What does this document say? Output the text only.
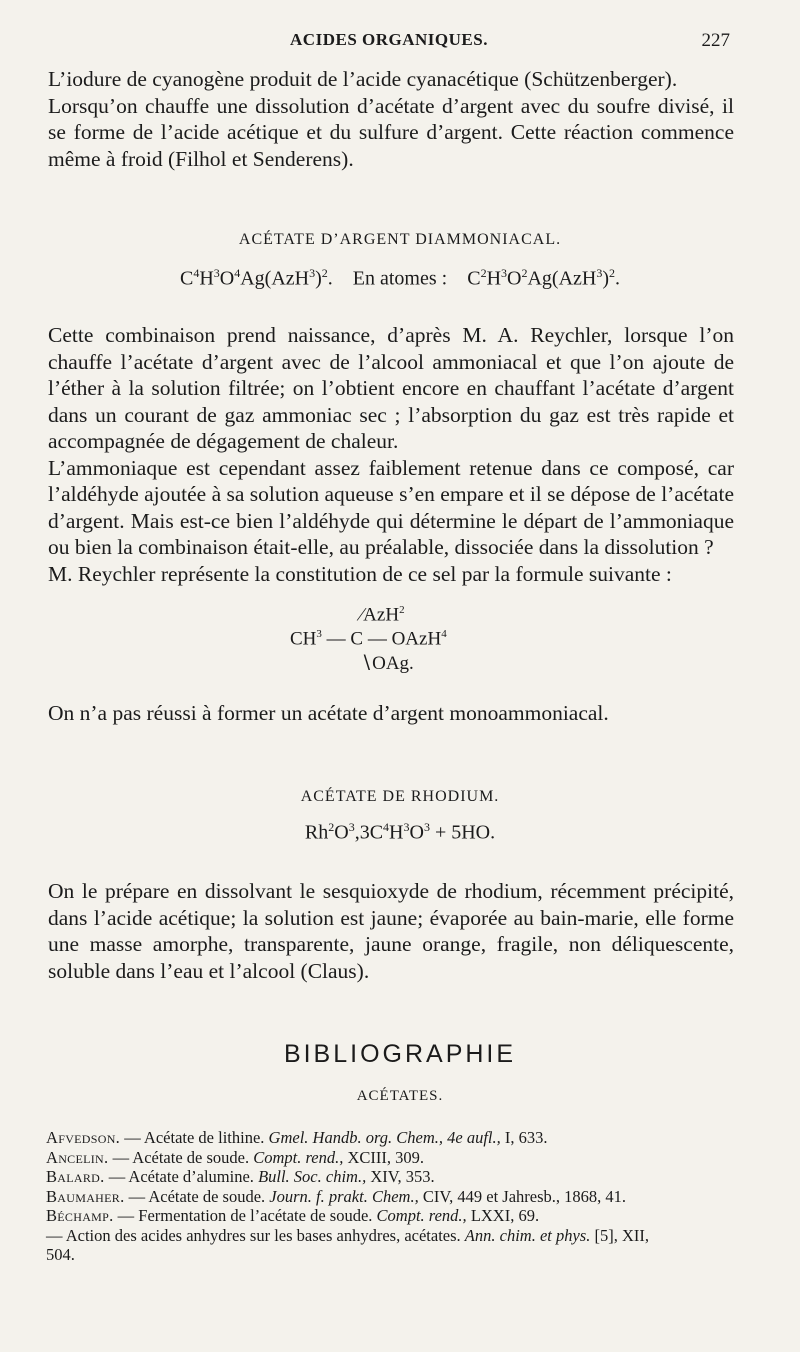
ACIDES ORGANIQUES.	227

L’iodure de cyanogène produit de l’acide cyanacétique (Schützenberger).

Lorsqu’on chauffe une dissolution d’acétate d’argent avec du soufre divisé, il se forme de l’acide acétique et du sulfure d’argent. Cette réaction commence même à froid (Filhol et Senderens).

ACÉTATE D’ARGENT DIAMMONIACAL.
$C^4H^3O^4Ag(AzH^3)^2$.    En atomes :    $C^2H^3O^2Ag(AzH^3)^2$.

Cette combinaison prend naissance, d’après M. A. Reychler, lorsque l’on chauffe l’acétate d’argent avec de l’alcool ammoniacal et que l’on ajoute de l’éther à la solution filtrée; on l’obtient encore en chauffant l’acétate d’argent dans un courant de gaz ammoniac sec ; l’absorption du gaz est très rapide et accompagnée de dégagement de chaleur.

L’ammoniaque est cependant assez faiblement retenue dans ce composé, car l’aldéhyde ajoutée à sa solution aqueuse s’en empare et il se dépose de l’acétate d’argent. Mais est-ce bien l’aldéhyde qui détermine le départ de l’ammoniaque ou bien la combinaison était-elle, au préalable, dissociée dans la dissolution ?

M. Reychler représente la constitution de ce sel par la formule suivante :

∕AzH$^2$
$CH^3$ — C — OAzH$^4$
∖OAg.

On n’a pas réussi à former un acétate d’argent monoammoniacal.

ACÉTATE DE RHODIUM.
$Rh^2O^3,3C^4H^3O^3 + 5HO$.

On le prépare en dissolvant le sesquioxyde de rhodium, récemment précipité, dans l’acide acétique; la solution est jaune; évaporée au bain-marie, elle forme une masse amorphe, transparente, jaune orange, fragile, non déliquescente, soluble dans l’eau et l’alcool (Claus).

BIBLIOGRAPHIE
ACÉTATES.
Afvedson. — Acétate de lithine. Gmel. Handb. org. Chem., 4e aufl., I, 633.
Ancelin. — Acétate de soude. Compt. rend., XCIII, 309.
Balard. — Acétate d’alumine. Bull. Soc. chim., XIV, 353.
Baumaher. — Acétate de soude. Journ. f. prakt. Chem., CIV, 449 et Jahresb., 1868, 41.
Béchamp. — Fermentation de l’acétate de soude. Compt. rend., LXXI, 69.
— Action des acides anhydres sur les bases anhydres, acétates. Ann. chim. et phys. [5], XII,
504.
